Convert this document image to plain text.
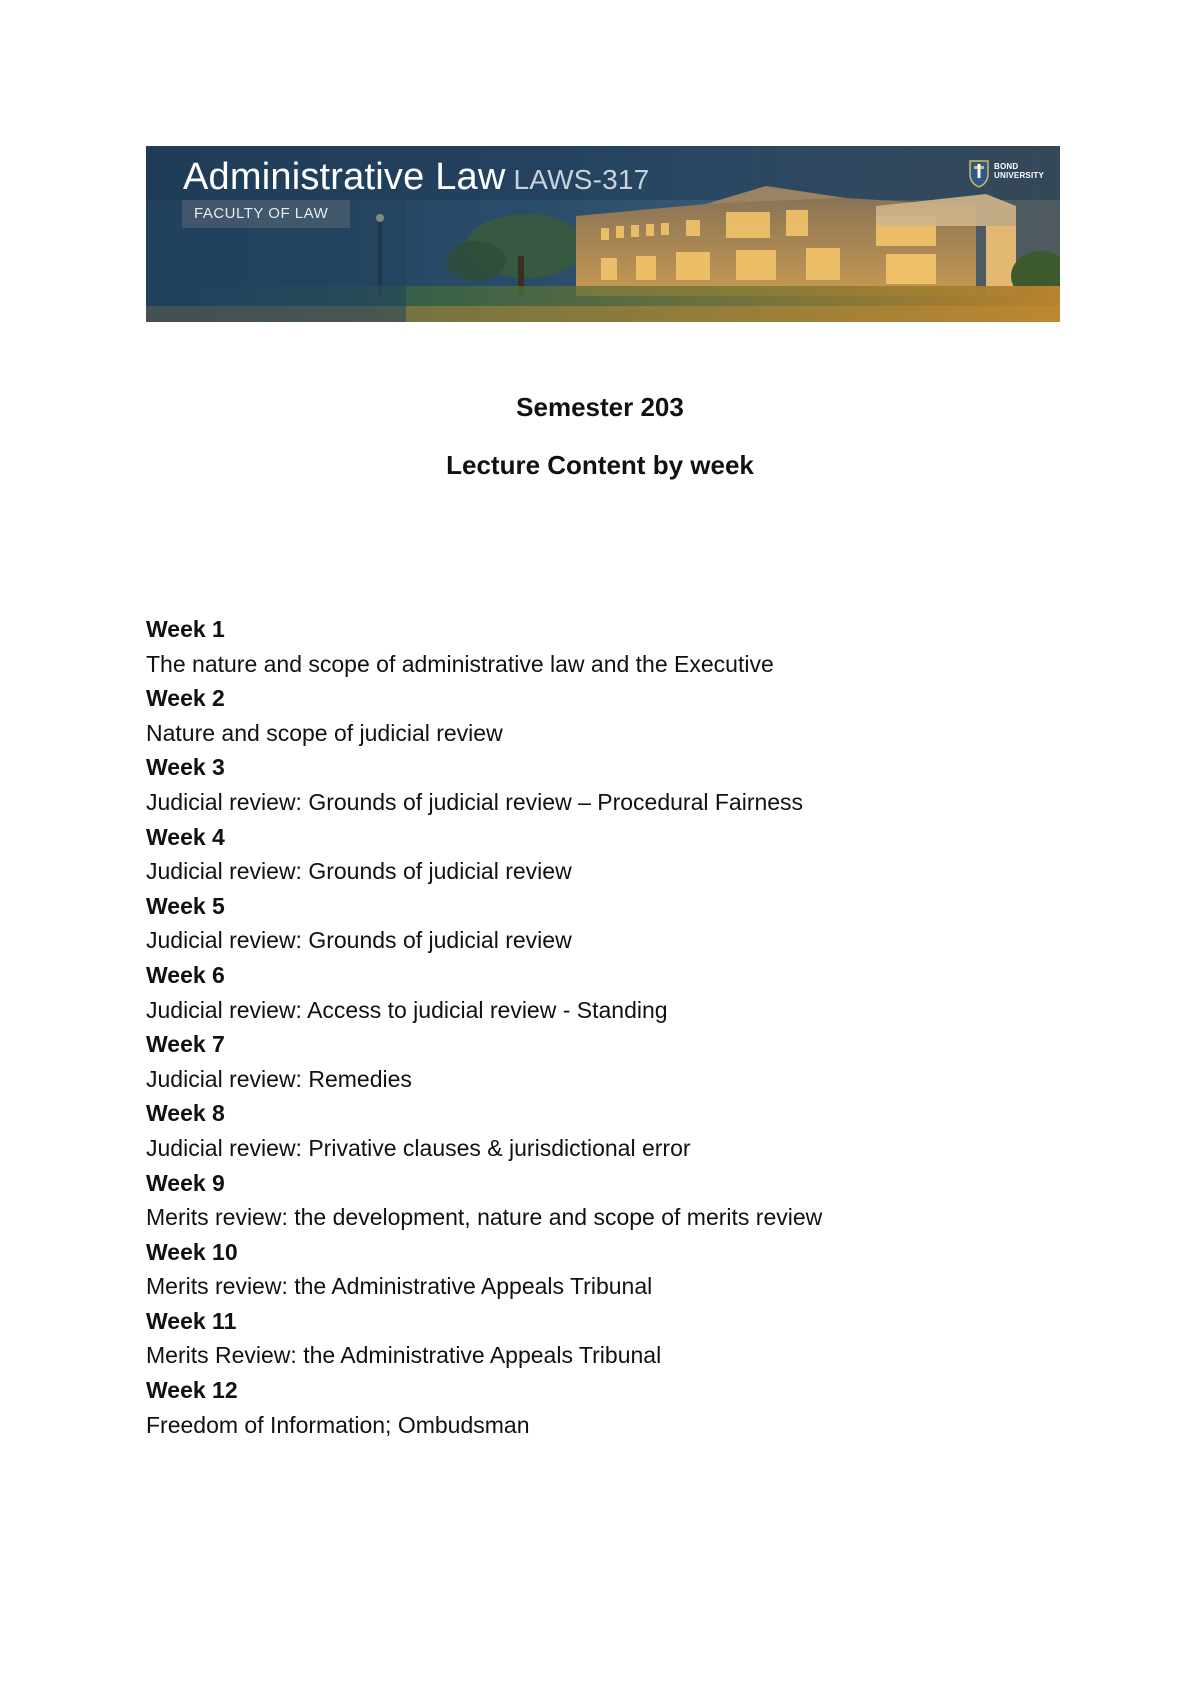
Administrative Law LAWS-317
FACULTY OF LAW
BOND
UNIVERSITY
Semester 203
Lecture Content by week
Week 1
The nature and scope of administrative law and the Executive
Week 2
Nature and scope of judicial review
Week 3
Judicial review: Grounds of judicial review – Procedural Fairness
Week 4
Judicial review: Grounds of judicial review
Week 5
Judicial review: Grounds of judicial review
Week 6
Judicial review: Access to judicial review - Standing
Week 7
Judicial review: Remedies
Week 8
Judicial review: Privative clauses & jurisdictional error
Week 9
Merits review: the development, nature and scope of merits review
Week 10
Merits review: the Administrative Appeals Tribunal
Week 11
Merits Review: the Administrative Appeals Tribunal
Week 12
Freedom of Information; Ombudsman
